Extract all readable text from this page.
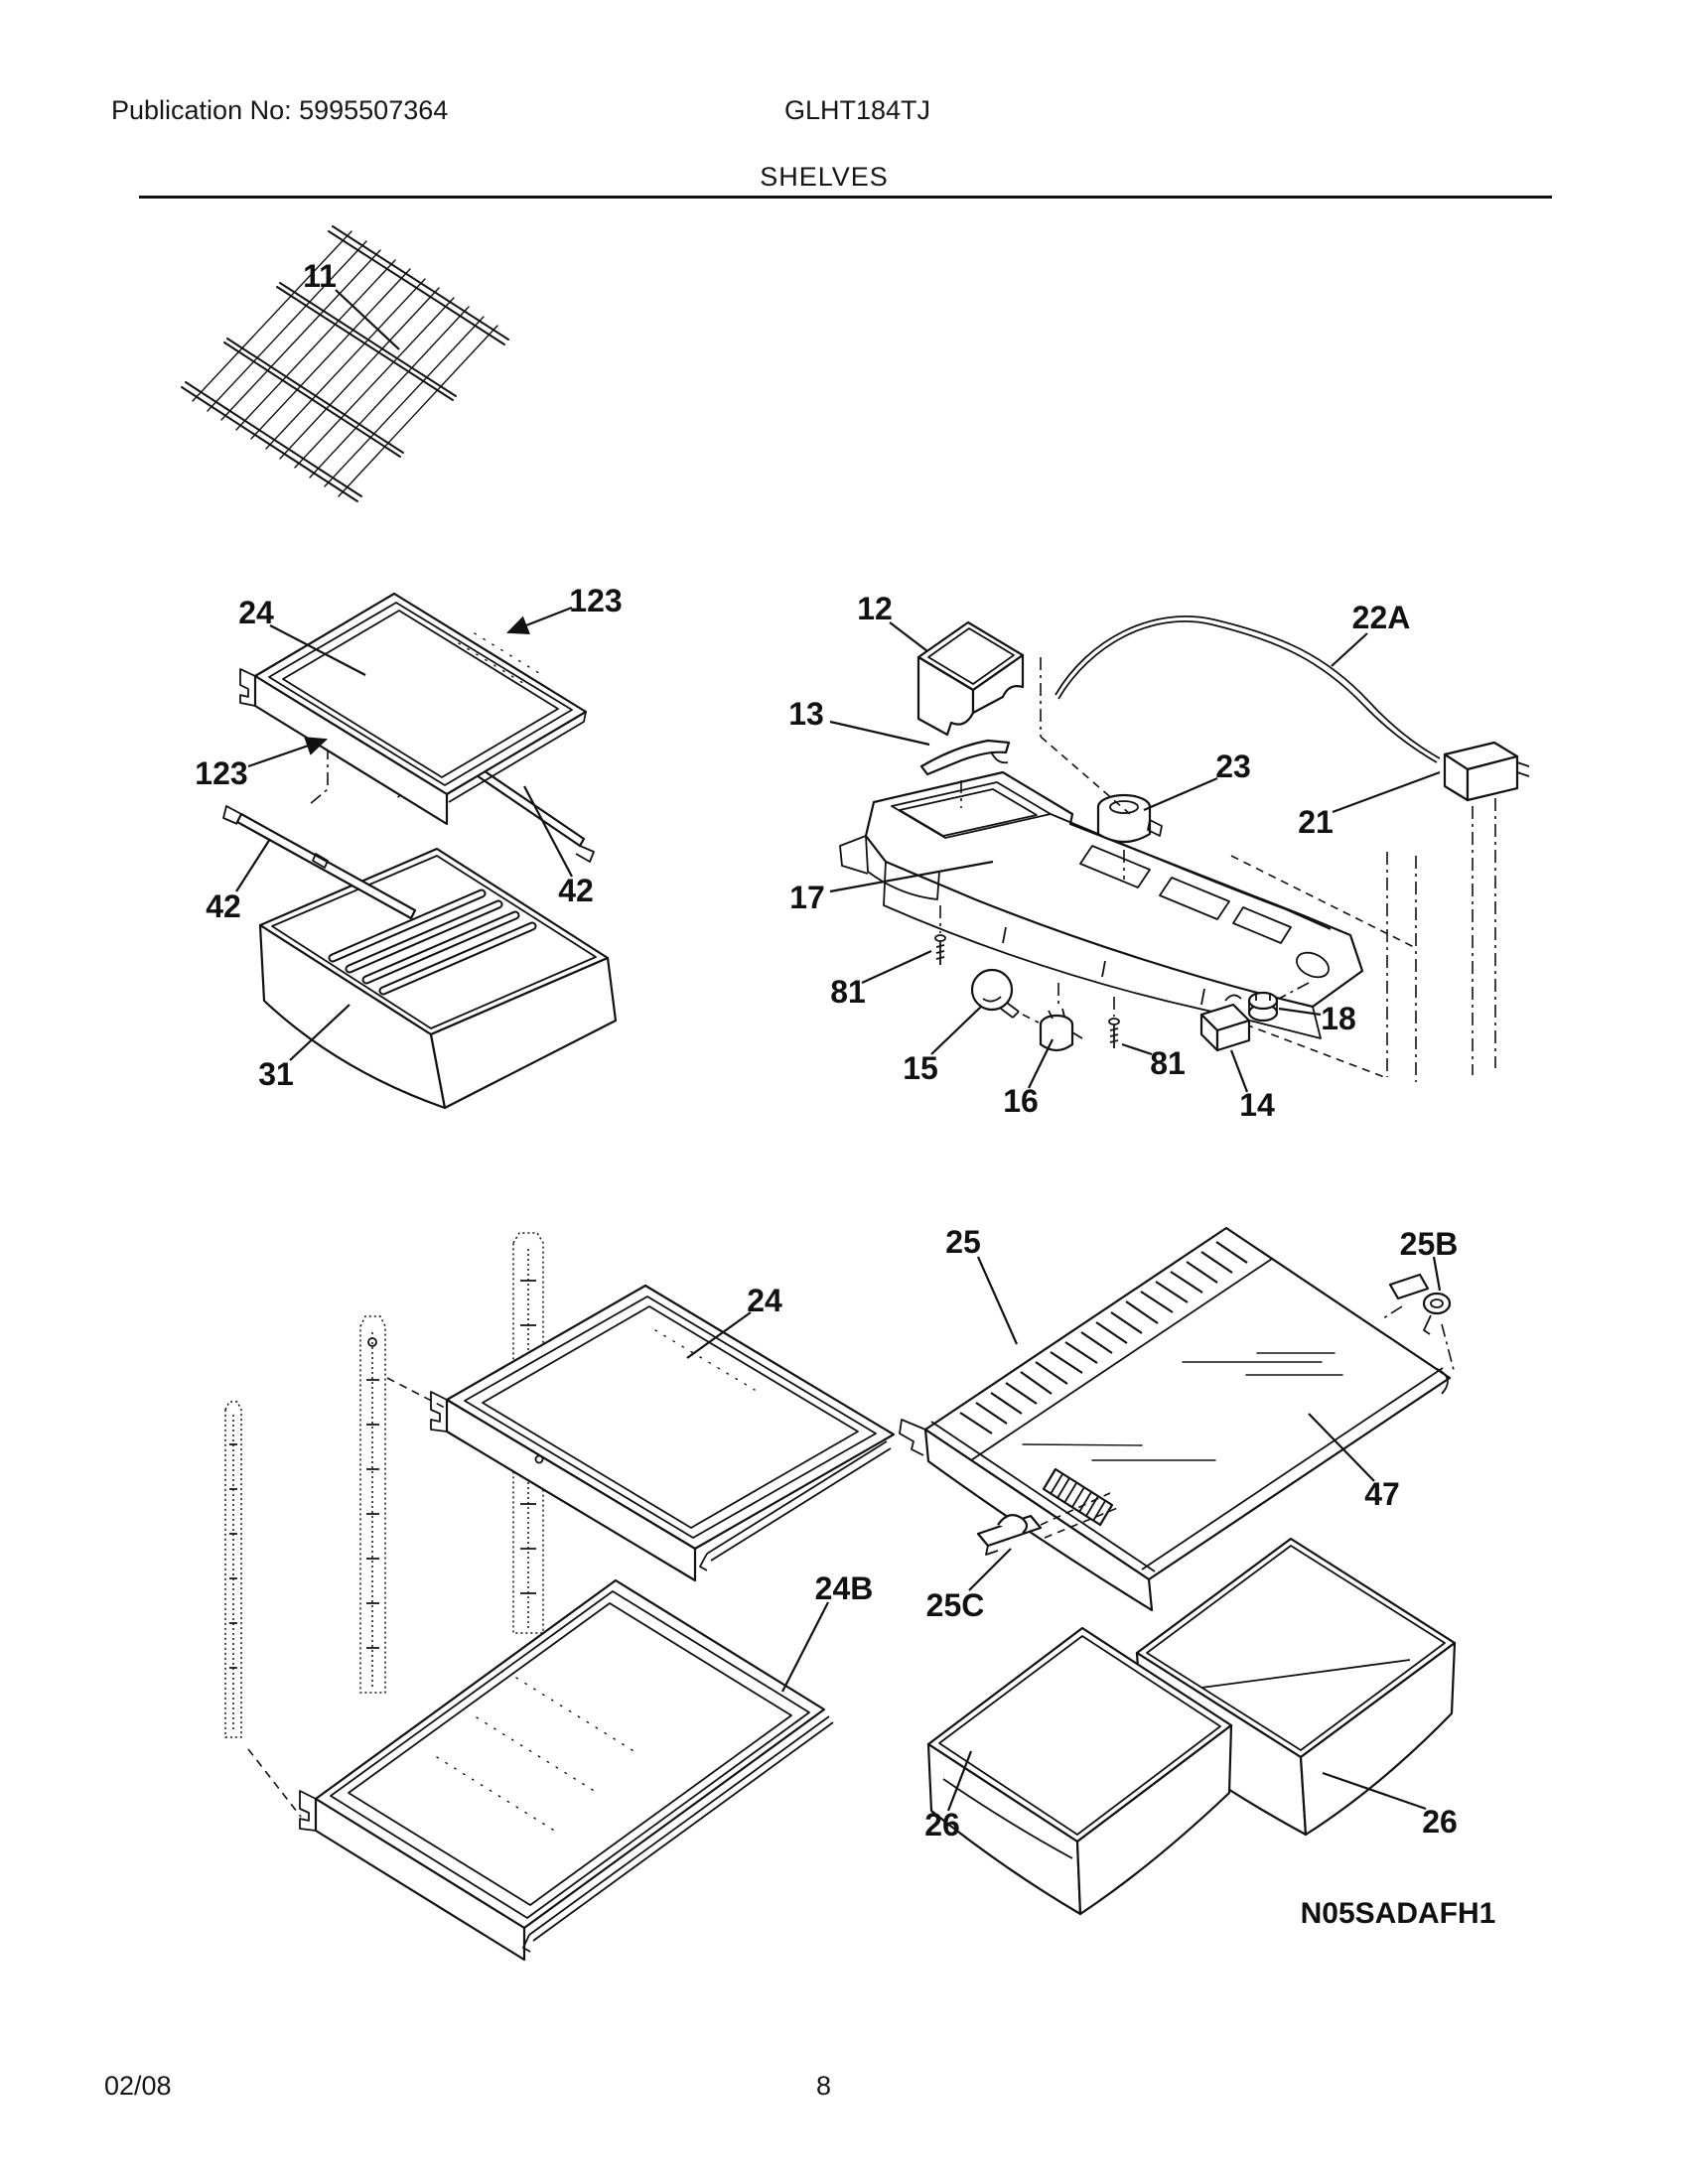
Publication No: 5995507364	GLHT184TJ
SHELVES
11
24	123
123
42	42
31
12
13
22A
23
21
17
81
15
16
81
14
18
24
24B
25	25B
47
25C
26	26
N05SADAFH1
02/08	8
